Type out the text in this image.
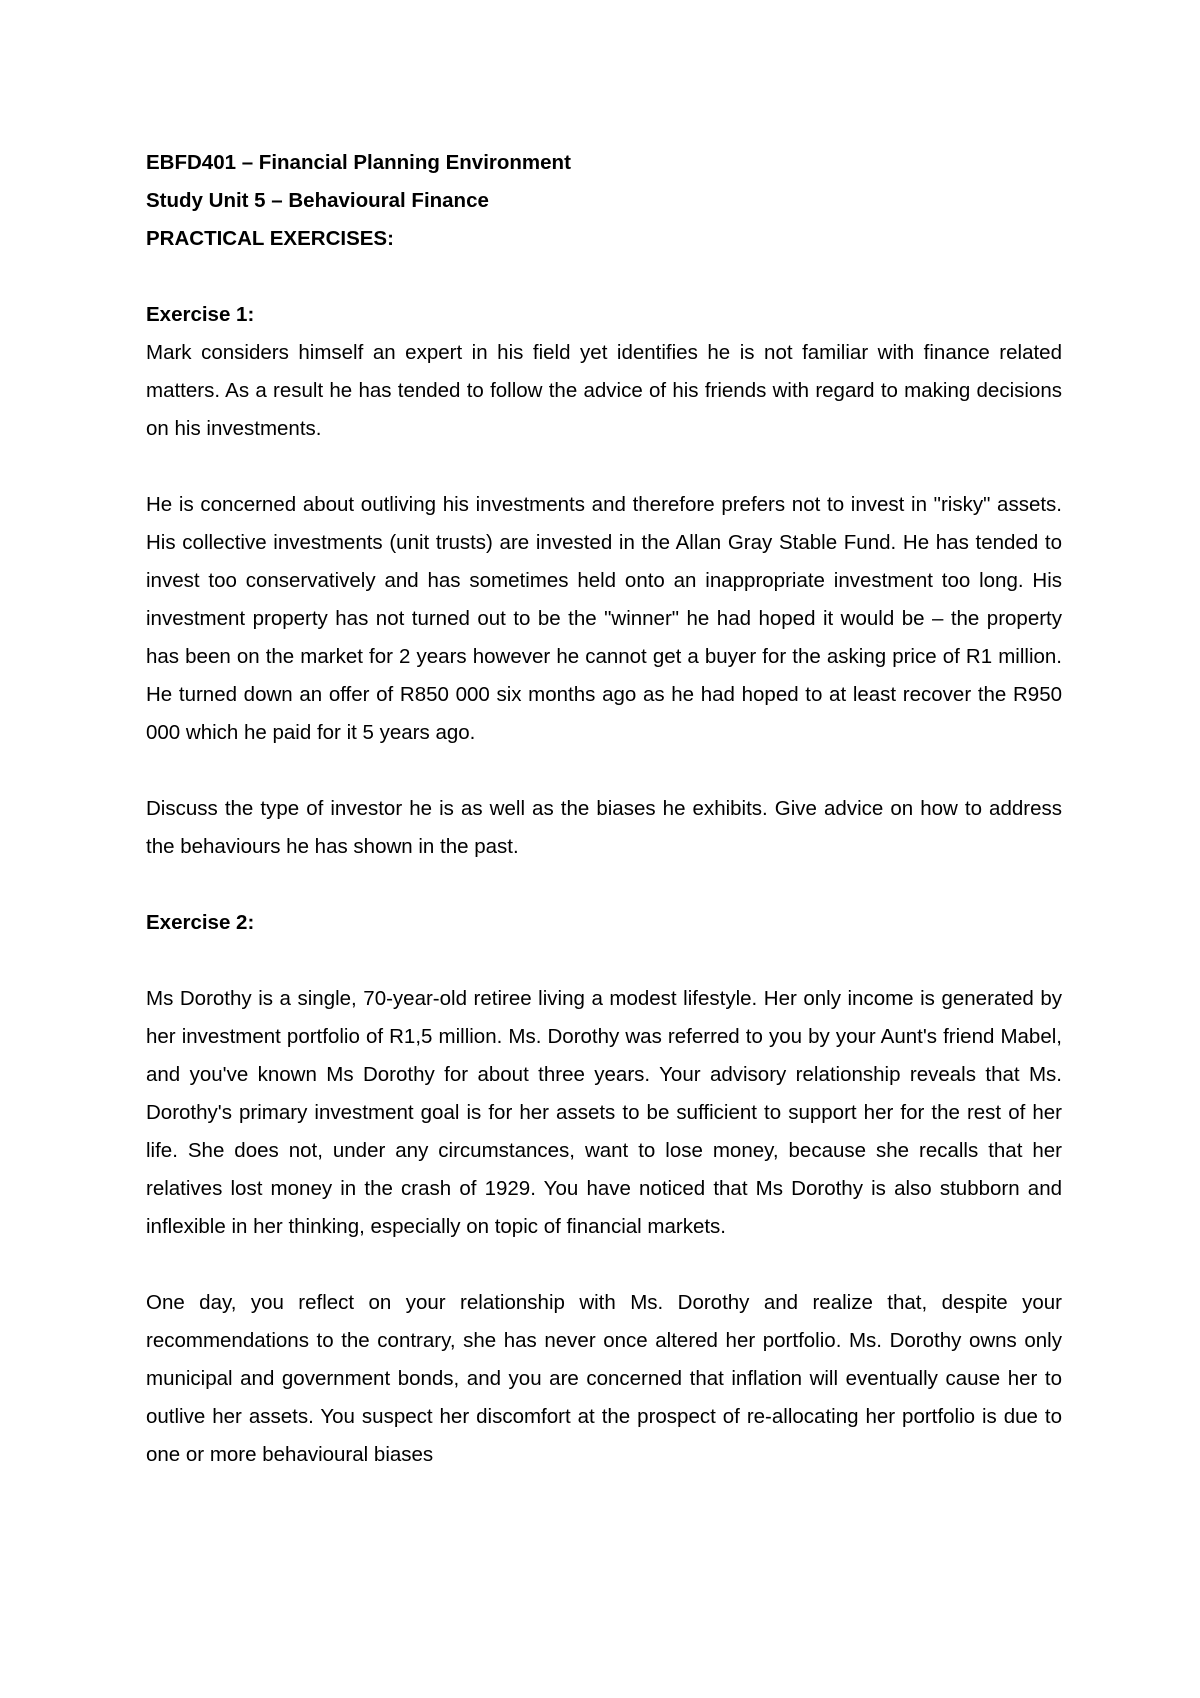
EBFD401 – Financial Planning Environment
Study Unit 5 – Behavioural Finance
PRACTICAL EXERCISES:
Exercise 1:

Mark considers himself an expert in his field yet identifies he is not familiar with finance related matters. As a result he has tended to follow the advice of his friends with regard to making decisions on his investments.

He is concerned about outliving his investments and therefore prefers not to invest in "risky" assets. His collective investments (unit trusts) are invested in the Allan Gray Stable Fund. He has tended to invest too conservatively and has sometimes held onto an inappropriate investment too long. His investment property has not turned out to be the "winner" he had hoped it would be – the property has been on the market for 2 years however he cannot get a buyer for the asking price of R1 million. He turned down an offer of R850 000 six months ago as he had hoped to at least recover the R950 000 which he paid for it 5 years ago.

Discuss the type of investor he is as well as the biases he exhibits. Give advice on how to address the behaviours he has shown in the past.

Exercise 2:

Ms Dorothy is a single, 70-year-old retiree living a modest lifestyle. Her only income is generated by her investment portfolio of R1,5 million. Ms. Dorothy was referred to you by your Aunt's friend Mabel, and you've known Ms Dorothy for about three years. Your advisory relationship reveals that Ms. Dorothy's primary investment goal is for her assets to be sufficient to support her for the rest of her life. She does not, under any circumstances, want to lose money, because she recalls that her relatives lost money in the crash of 1929. You have noticed that Ms Dorothy is also stubborn and inflexible in her thinking, especially on topic of financial markets.

One day, you reflect on your relationship with Ms. Dorothy and realize that, despite your recommendations to the contrary, she has never once altered her portfolio. Ms. Dorothy owns only municipal and government bonds, and you are concerned that inflation will eventually cause her to outlive her assets. You suspect her discomfort at the prospect of re-allocating her portfolio is due to one or more behavioural biases
